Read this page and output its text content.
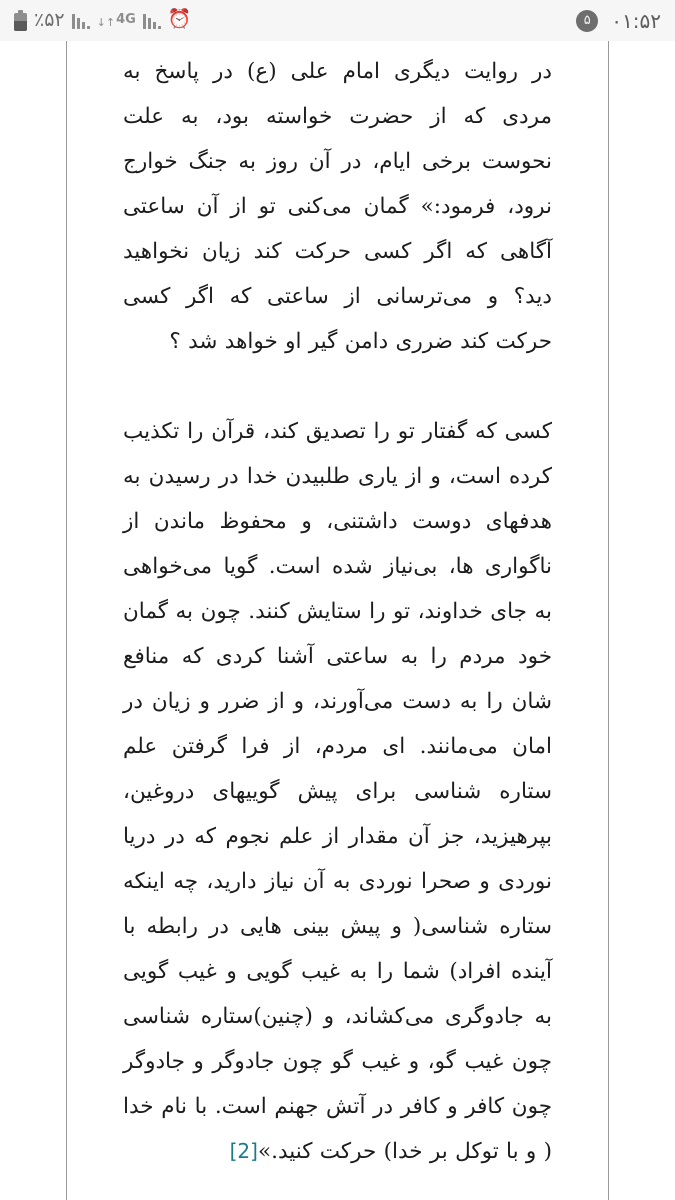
٪۵۲	↓↑ 4G ⏰	۵	۰۱:۵۲

در روایت دیگری امام علی (ع) در پاسخ به مردی که از حضرت خواسته بود، به علت نحوست برخی ایام، در آن روز به جنگ خوارج نرود، فرمود:» گمان می‌کنی تو از آن ساعتی آگاهی که اگر کسی حرکت کند زیان نخواهید دید؟ و می‌ترسانی از ساعتی که اگر کسی حرکت کند ضرری دامن گیر او خواهد شد ؟

کسی که گفتار تو را تصدیق کند، قرآن را تکذیب کرده است، و از یاری طلبیدن خدا در رسیدن به هدفهای دوست داشتنی، و محفوظ ماندن از ناگواری ها، بی‌نیاز شده است. گویا می‌خواهی به جای خداوند، تو را ستایش کنند. چون به گمان خود مردم را به ساعتی آشنا کردی که منافع شان را به دست می‌آورند، و از ضرر و زیان در امان می‌مانند. ای مردم، از فرا گرفتن علم ستاره شناسی برای پیش گوییهای دروغین، بپرهیزید، جز آن مقدار از علم نجوم که در دریا نوردی و صحرا نوردی به آن نیاز دارید، چه اینکه ستاره شناسی( و پیش بینی هایی در رابطه با آینده افراد) شما را به غیب گویی و غیب گویی به جادوگری می‌کشاند، و (چنین)ستاره شناسی چون غیب گو، و غیب گو چون جادوگر و جادوگر چون کافر و کافر در آتش جهنم است. با نام خدا ( و با توکل بر خدا) حرکت کنید.»[2]
